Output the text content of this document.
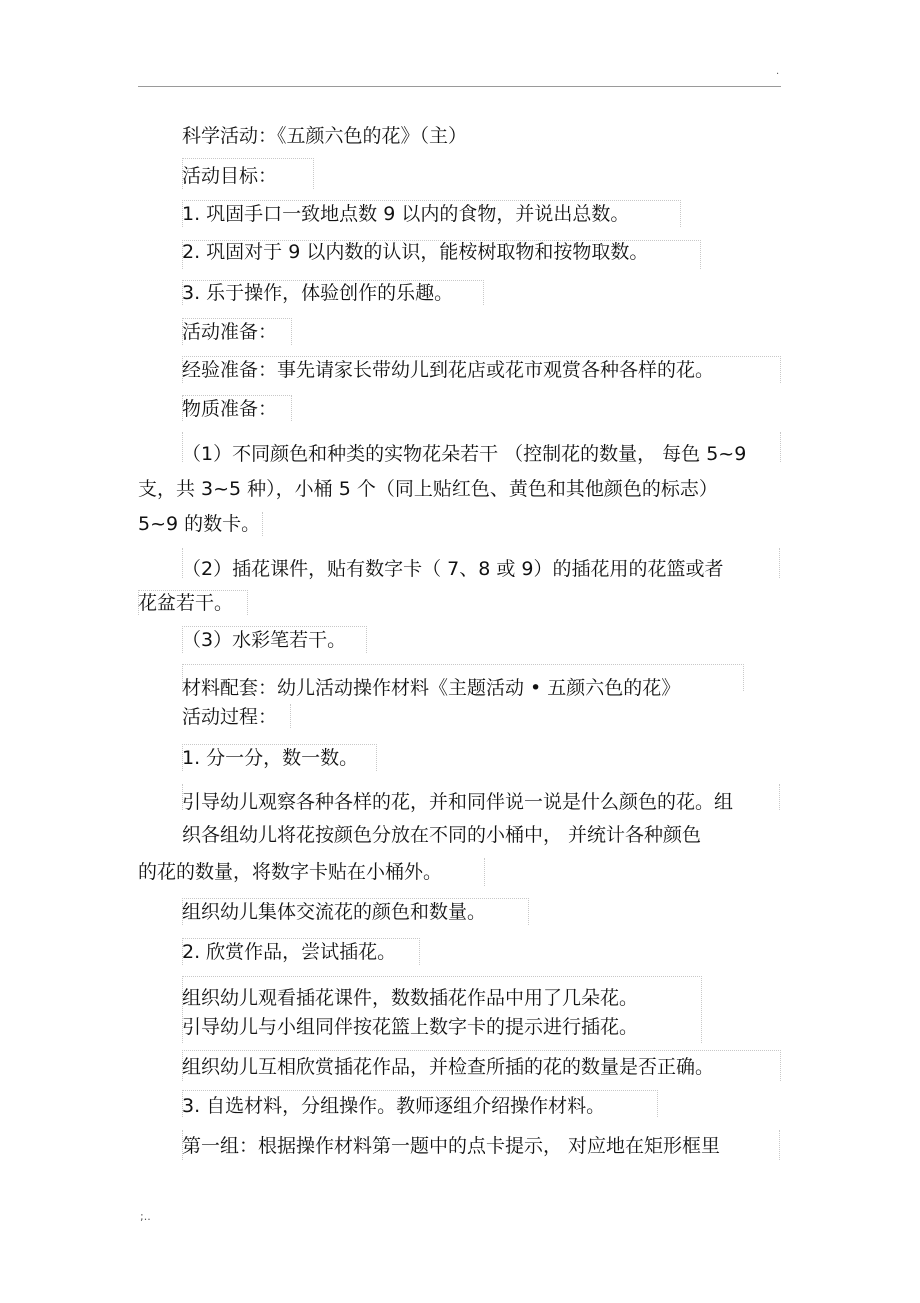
.
科学活动：《五颜六色的花》（主）
活动目标：
1. 巩固手口一致地点数 9 以内的食物，并说出总数。
2. 巩固对于 9 以内数的认识，能桉树取物和按物取数。
3. 乐于操作，体验创作的乐趣。
活动准备：
经验准备：事先请家长带幼儿到花店或花市观赏各种各样的花。
物质准备：
（1）不同颜色和种类的实物花朵若干 （控制花的数量， 每色 5~9
支，共 3~5 种），小桶 5 个（同上贴红色、黄色和其他颜色的标志）
5~9 的数卡。
（2）插花课件，贴有数字卡（ 7、8 或 9）的插花用的花篮或者
花盆若干。
（3）水彩笔若干。
材料配套：幼儿活动操作材料《主题活动 • 五颜六色的花》
活动过程：
1. 分一分，数一数。
引导幼儿观察各种各样的花，并和同伴说一说是什么颜色的花。组
织各组幼儿将花按颜色分放在不同的小桶中， 并统计各种颜色
的花的数量，将数字卡贴在小桶外。
组织幼儿集体交流花的颜色和数量。
2. 欣赏作品，尝试插花。
组织幼儿观看插花课件，数数插花作品中用了几朵花。
引导幼儿与小组同伴按花篮上数字卡的提示进行插花。
组织幼儿互相欣赏插花作品，并检查所插的花的数量是否正确。
3. 自选材料，分组操作。教师逐组介绍操作材料。
第一组：根据操作材料第一题中的点卡提示， 对应地在矩形框里
;..
